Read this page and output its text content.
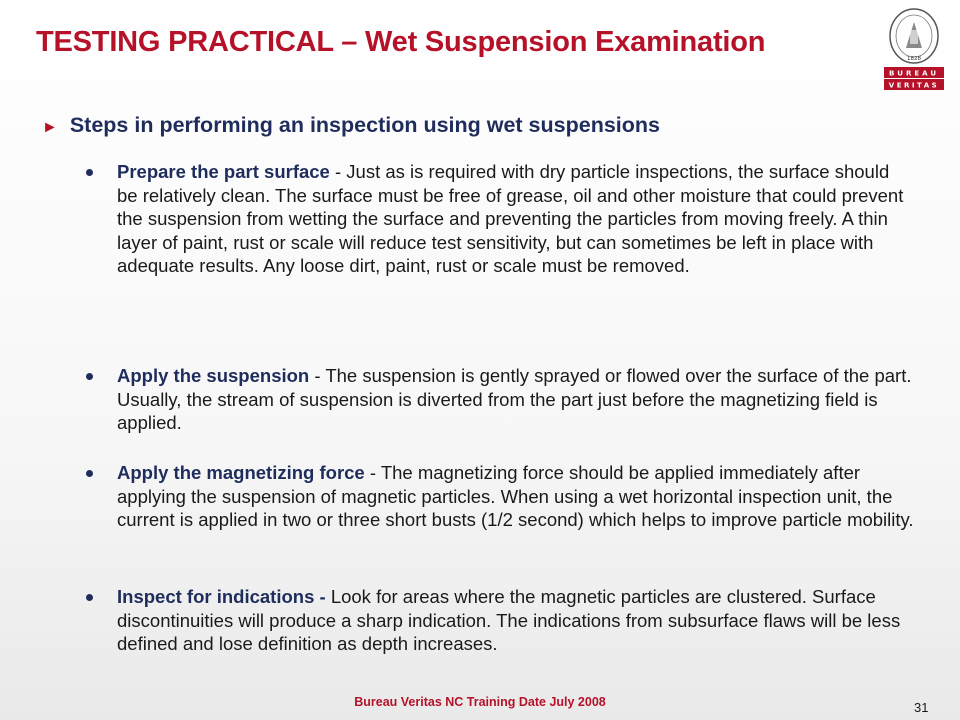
TESTING PRACTICAL – Wet Suspension Examination
1828
BUREAU
VERITAS
► Steps in performing an inspection using wet suspensions
Prepare the part surface - Just as is required with dry particle inspections, the surface should be relatively clean. The surface must be free of grease, oil and other moisture that could prevent the suspension from wetting the surface and preventing the particles from moving freely. A thin layer of paint, rust or scale will reduce test sensitivity, but can sometimes be left in place with adequate results. Any loose dirt, paint, rust or scale must be removed.
Apply the suspension - The suspension is gently sprayed or flowed over the surface of the part. Usually, the stream of suspension is diverted from the part just before the magnetizing field is applied.
Apply the magnetizing force - The magnetizing force should be applied immediately after applying the suspension of magnetic particles. When using a wet horizontal inspection unit, the current is applied in two or three short busts (1/2 second) which helps to improve particle mobility.
Inspect for indications - Look for areas where the magnetic particles are clustered. Surface discontinuities will produce a sharp indication. The indications from subsurface flaws will be less defined and lose definition as depth increases.
Bureau Veritas NC Training Date July 2008	31
